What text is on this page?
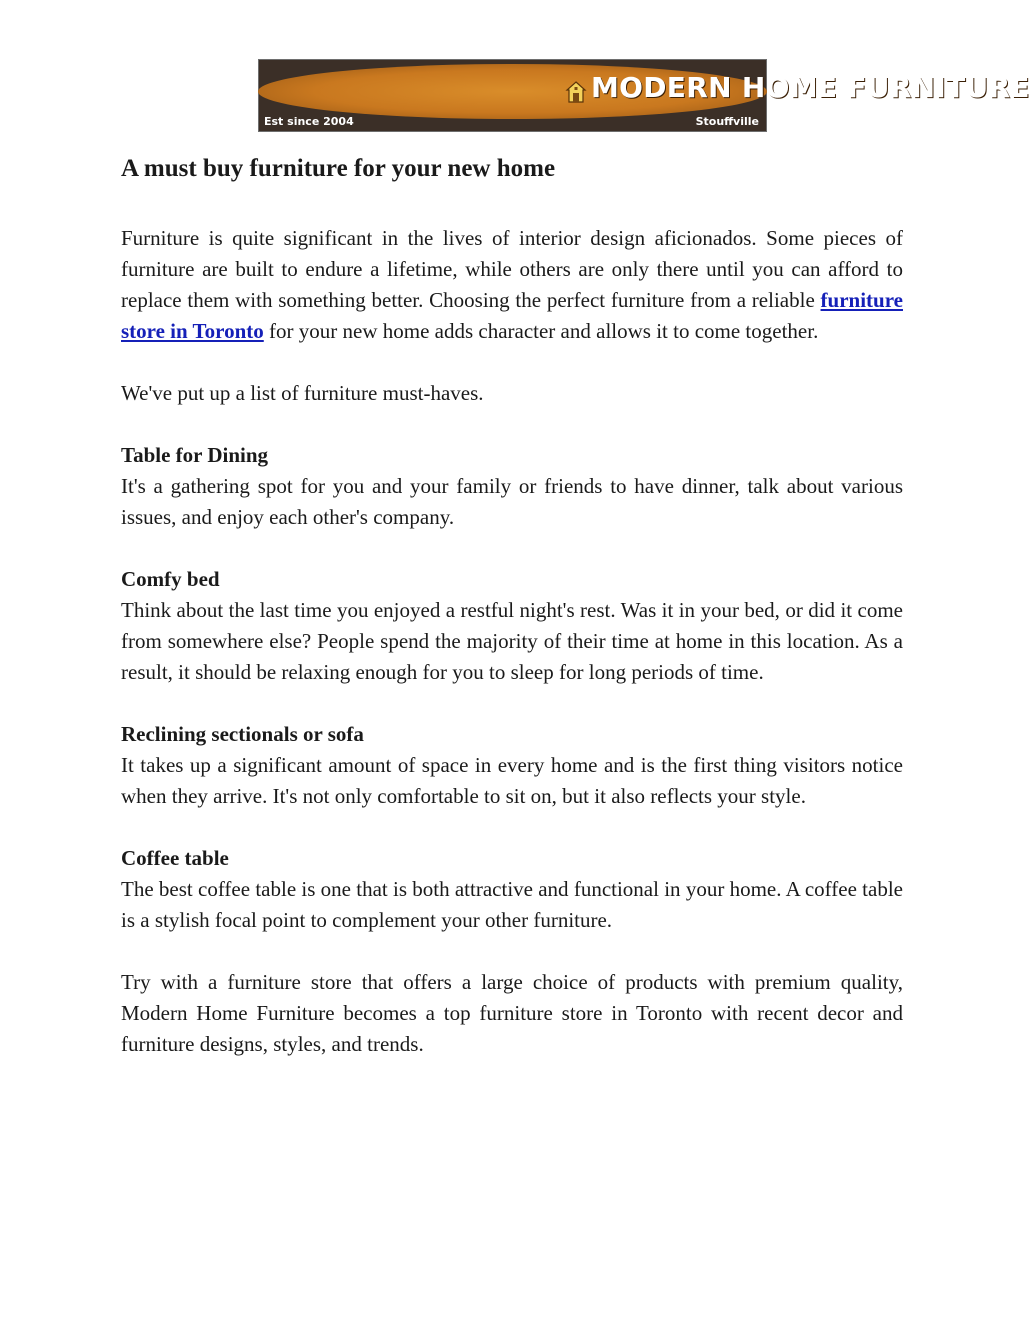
MODERN HOME FURNITURE
Est since 2004	Stouffville
A must buy furniture for your new home

Furniture is quite significant in the lives of interior design aficionados. Some pieces of furniture are built to endure a lifetime, while others are only there until you can afford to replace them with something better. Choosing the perfect furniture from a reliable furniture store in Toronto for your new home adds character and allows it to come together.

We've put up a list of furniture must-haves.

Table for Dining

It's a gathering spot for you and your family or friends to have dinner, talk about various issues, and enjoy each other's company.

Comfy bed

Think about the last time you enjoyed a restful night's rest. Was it in your bed, or did it come from somewhere else? People spend the majority of their time at home in this location. As a result, it should be relaxing enough for you to sleep for long periods of time.

Reclining sectionals or sofa

It takes up a significant amount of space in every home and is the first thing visitors notice when they arrive. It's not only comfortable to sit on, but it also reflects your style.

Coffee table

The best coffee table is one that is both attractive and functional in your home. A coffee table is a stylish focal point to complement your other furniture.

Try with a furniture store that offers a large choice of products with premium quality, Modern Home Furniture becomes a top furniture store in Toronto with recent decor and furniture designs, styles, and trends.
